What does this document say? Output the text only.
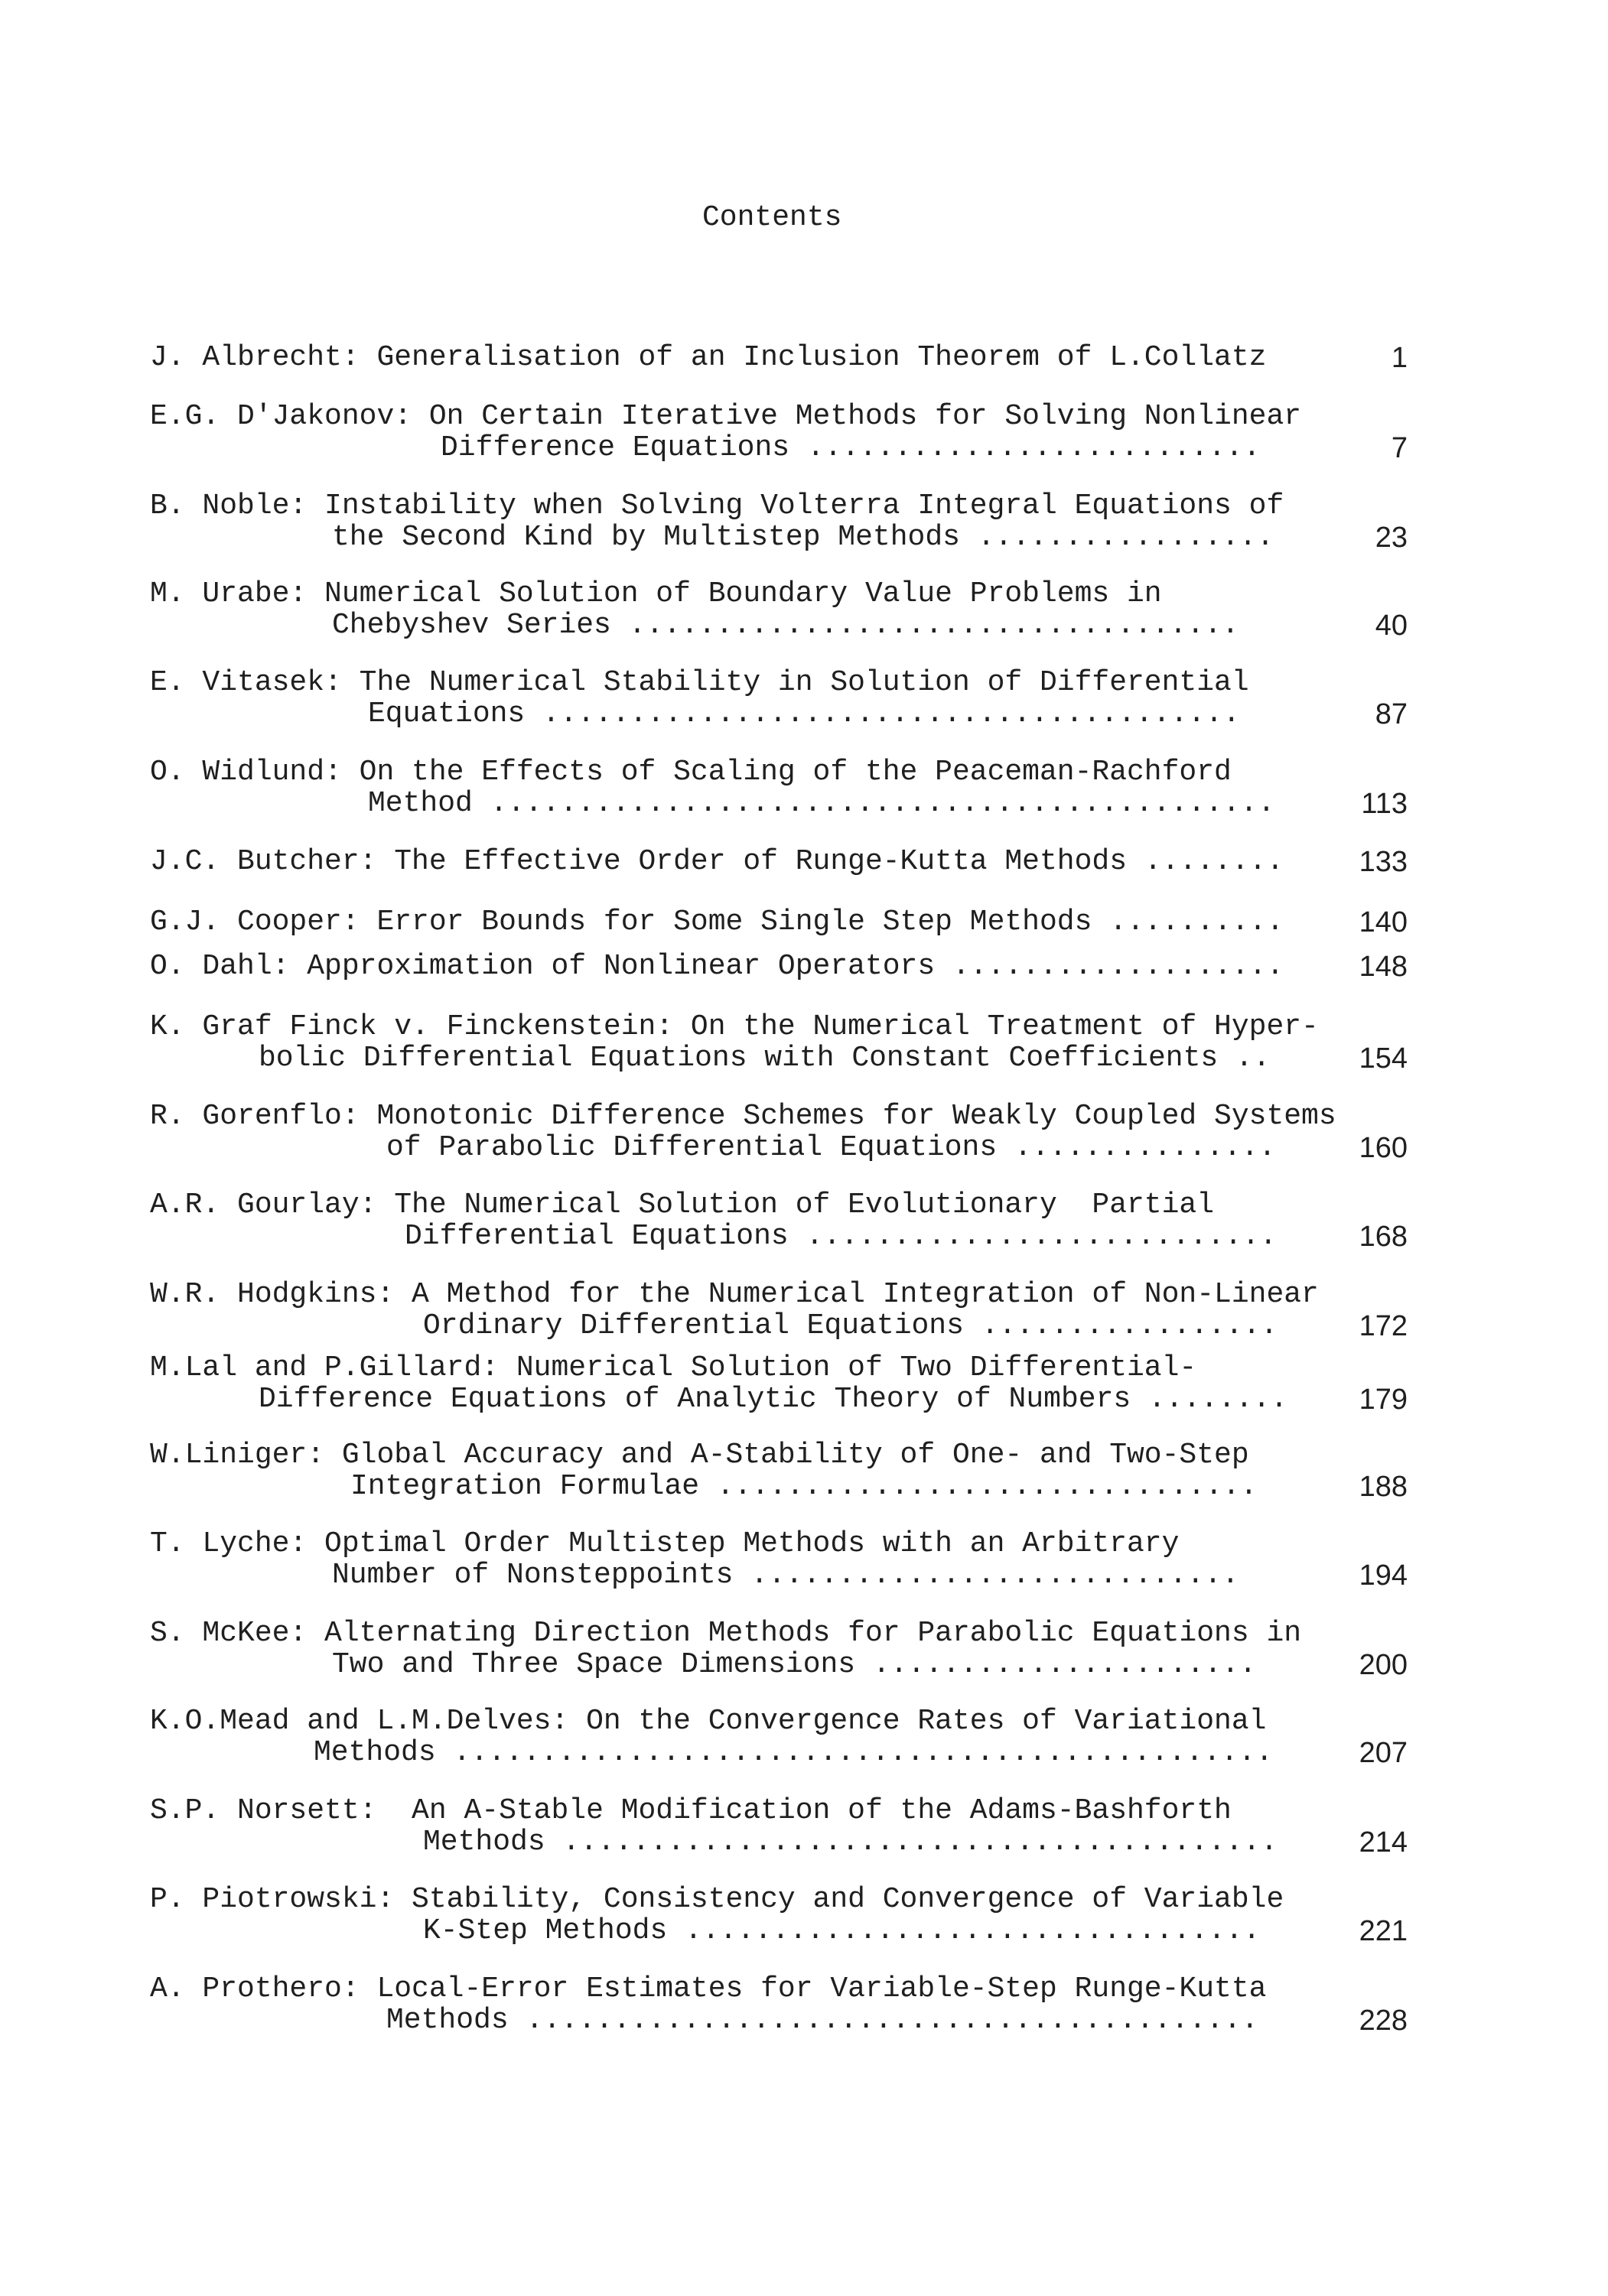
Contents
J. Albrecht: Generalisation of an Inclusion Theorem of L.Collatz	1
E.G. D'Jakonov: On Certain Iterative Methods for Solving Nonlinear
Difference Equations ..........................	7
B. Noble: Instability when Solving Volterra Integral Equations of
the Second Kind by Multistep Methods .................	23
M. Urabe: Numerical Solution of Boundary Value Problems in
Chebyshev Series ...................................	40
E. Vitasek: The Numerical Stability in Solution of Differential
Equations ........................................	87
O. Widlund: On the Effects of Scaling of the Peaceman-Rachford
Method .............................................	113
J.C. Butcher: The Effective Order of Runge-Kutta Methods ........	133
G.J. Cooper: Error Bounds for Some Single Step Methods ..........	140
O. Dahl: Approximation of Nonlinear Operators ...................	148
K. Graf Finck v. Finckenstein: On the Numerical Treatment of Hyper-
bolic Differential Equations with Constant Coefficients ..	154
R. Gorenflo: Monotonic Difference Schemes for Weakly Coupled Systems
of Parabolic Differential Equations ...............	160
A.R. Gourlay: The Numerical Solution of Evolutionary  Partial
Differential Equations ...........................	168
W.R. Hodgkins: A Method for the Numerical Integration of Non-Linear
Ordinary Differential Equations .................	172
M.Lal and P.Gillard: Numerical Solution of Two Differential-
Difference Equations of Analytic Theory of Numbers ........	179
W.Liniger: Global Accuracy and A-Stability of One- and Two-Step
Integration Formulae ...............................	188
T. Lyche: Optimal Order Multistep Methods with an Arbitrary
Number of Nonsteppoints ............................	194
S. McKee: Alternating Direction Methods for Parabolic Equations in
Two and Three Space Dimensions ......................	200
K.O.Mead and L.M.Delves: On the Convergence Rates of Variational
Methods ...............................................	207
S.P. Norsett:  An A-Stable Modification of the Adams-Bashforth
Methods .........................................	214
P. Piotrowski: Stability, Consistency and Convergence of Variable
K-Step Methods .................................	221
A. Prothero: Local-Error Estimates for Variable-Step Runge-Kutta
Methods ..........................................	228
